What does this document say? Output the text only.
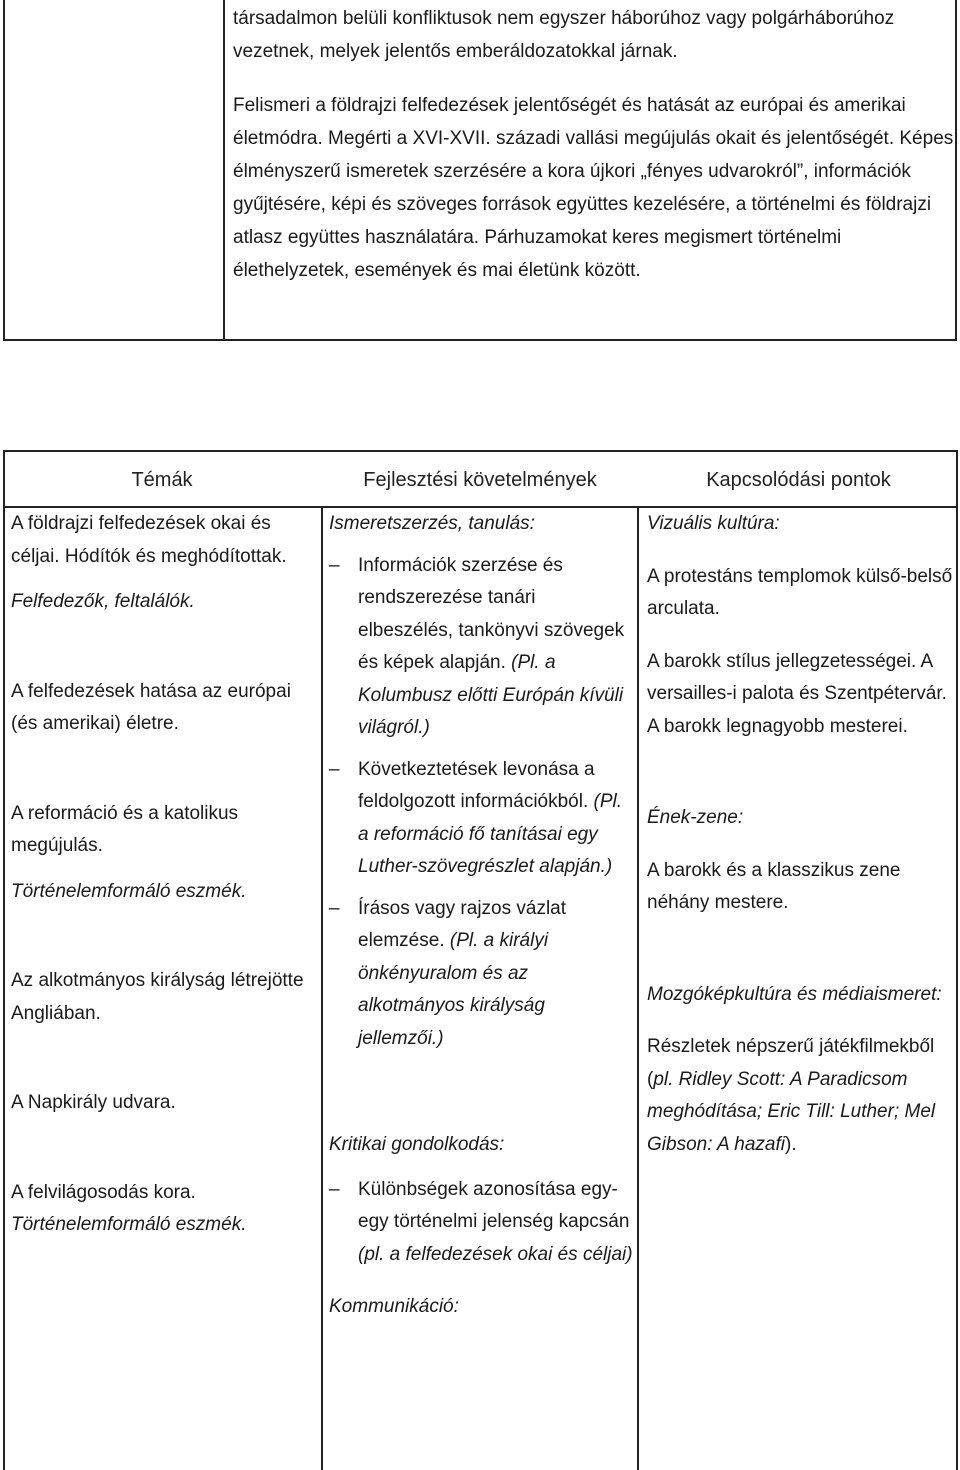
társadalmon belüli konfliktusok nem egyszer háborúhoz vagy polgárháborúhoz vezetnek, melyek jelentős emberáldozatokkal járnak.

Felismeri a földrajzi felfedezések jelentőségét és hatását az európai és amerikai életmódra. Megérti a XVI-XVII. századi vallási megújulás okait és jelentőségét. Képes élményszerű ismeretek szerzésére a kora újkori „fényes udvarokról”, információk gyűjtésére, képi és szöveges források együttes kezelésére, a történelmi és földrajzi atlasz együttes használatára. Párhuzamokat keres megismert történelmi élethelyzetek, események és mai életünk között.

Témák	Fejlesztési követelmények	Kapcsolódási pontok

A földrajzi felfedezések okai és céljai. Hódítók és meghódítottak.

Felfedezők, feltalálók.

A felfedezések hatása az európai (és amerikai) életre.

A reformáció és a katolikus megújulás.

Történelemformáló eszmék.

Az alkotmányos királyság létrejötte Angliában.

A Napkirály udvara.

A felvilágosodás kora.

Történelemformáló eszmék.

Ismeretszerzés, tanulás:

– Információk szerzése és rendszerezése tanári elbeszélés, tankönyvi szövegek és képek alapján. (Pl. a Kolumbusz előtti Európán kívüli világról.)
– Következtetések levonása a feldolgozott információkból. (Pl. a reformáció fő tanításai egy Luther-szövegrészlet alapján.)
– Írásos vagy rajzos vázlat elemzése. (Pl. a királyi önkényuralom és az alkotmányos királyság jellemzői.)

Kritikai gondolkodás:

– Különbségek azonosítása egy-egy történelmi jelenség kapcsán (pl. a felfedezések okai és céljai)

Kommunikáció:

Vizuális kultúra:

A protestáns templomok külső-belső arculata.

A barokk stílus jellegzetességei. A versailles-i palota és Szentpétervár. A barokk legnagyobb mesterei.

Ének-zene:

A barokk és a klasszikus zene néhány mestere.

Mozgóképkultúra és médiaismeret:

Részletek népszerű játékfilmekből (pl. Ridley Scott: A Paradicsom meghódítása; Eric Till: Luther; Mel Gibson: A hazafi).
